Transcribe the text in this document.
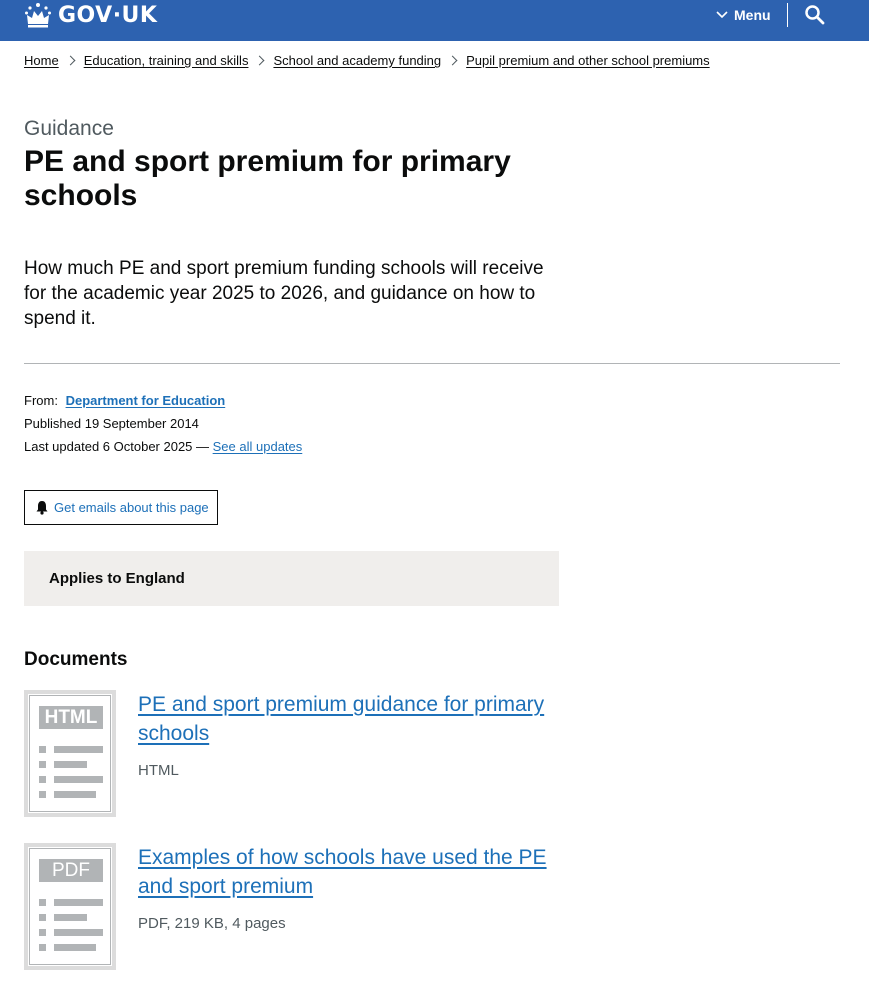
GOV·UK	Menu
Home Education, training and skills School and academy funding Pupil premium and other school premiums
Guidance
PE and sport premium for primary schools

How much PE and sport premium funding schools will receive for the academic year 2025 to 2026, and guidance on how to spend it.

From: Department for Education
Published 19 September 2014
Last updated 6 October 2025 — See all updates
Get emails about this page
Applies to England
Documents
HTML
PE and sport premium guidance for primary schools
HTML
PDF
Examples of how schools have used the PE and sport premium
PDF, 219 KB, 4 pages
